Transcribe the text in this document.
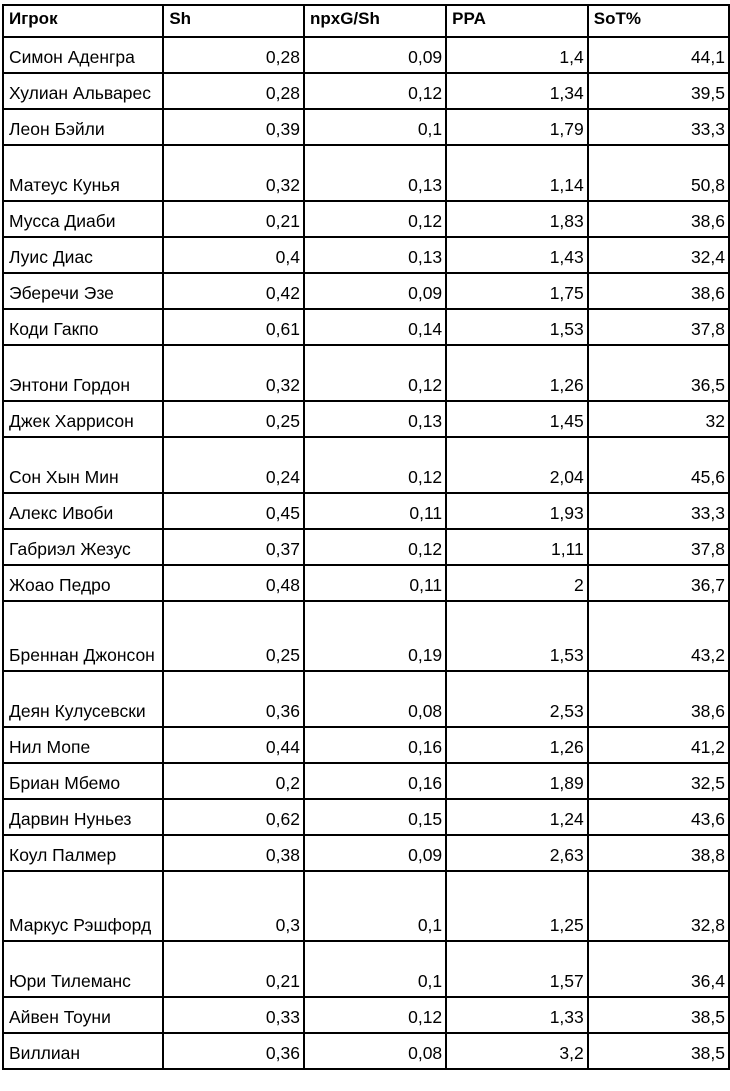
Игрок	Sh	npxG/Sh	PPA	SoT%
Симон Аденгра	0,28	0,09	1,4	44,1
Хулиан Альварес	0,28	0,12	1,34	39,5
Леон Бэйли	0,39	0,1	1,79	33,3
Матеус Кунья	0,32	0,13	1,14	50,8
Мусса Диаби	0,21	0,12	1,83	38,6
Луис Диас	0,4	0,13	1,43	32,4
Эберечи Эзе	0,42	0,09	1,75	38,6
Коди Гакпо	0,61	0,14	1,53	37,8
Энтони Гордон	0,32	0,12	1,26	36,5
Джек Харрисон	0,25	0,13	1,45	32
Сон Хын Мин	0,24	0,12	2,04	45,6
Алекс Ивоби	0,45	0,11	1,93	33,3
Габриэл Жезус	0,37	0,12	1,11	37,8
Жоао Педро	0,48	0,11	2	36,7
Бреннан Джонсон	0,25	0,19	1,53	43,2
Деян Кулусевски	0,36	0,08	2,53	38,6
Нил Мопе	0,44	0,16	1,26	41,2
Бриан Мбемо	0,2	0,16	1,89	32,5
Дарвин Нуньез	0,62	0,15	1,24	43,6
Коул Палмер	0,38	0,09	2,63	38,8
Маркус Рэшфорд	0,3	0,1	1,25	32,8
Юри Тилеманс	0,21	0,1	1,57	36,4
Айвен Тоуни	0,33	0,12	1,33	38,5
Виллиан	0,36	0,08	3,2	38,5
